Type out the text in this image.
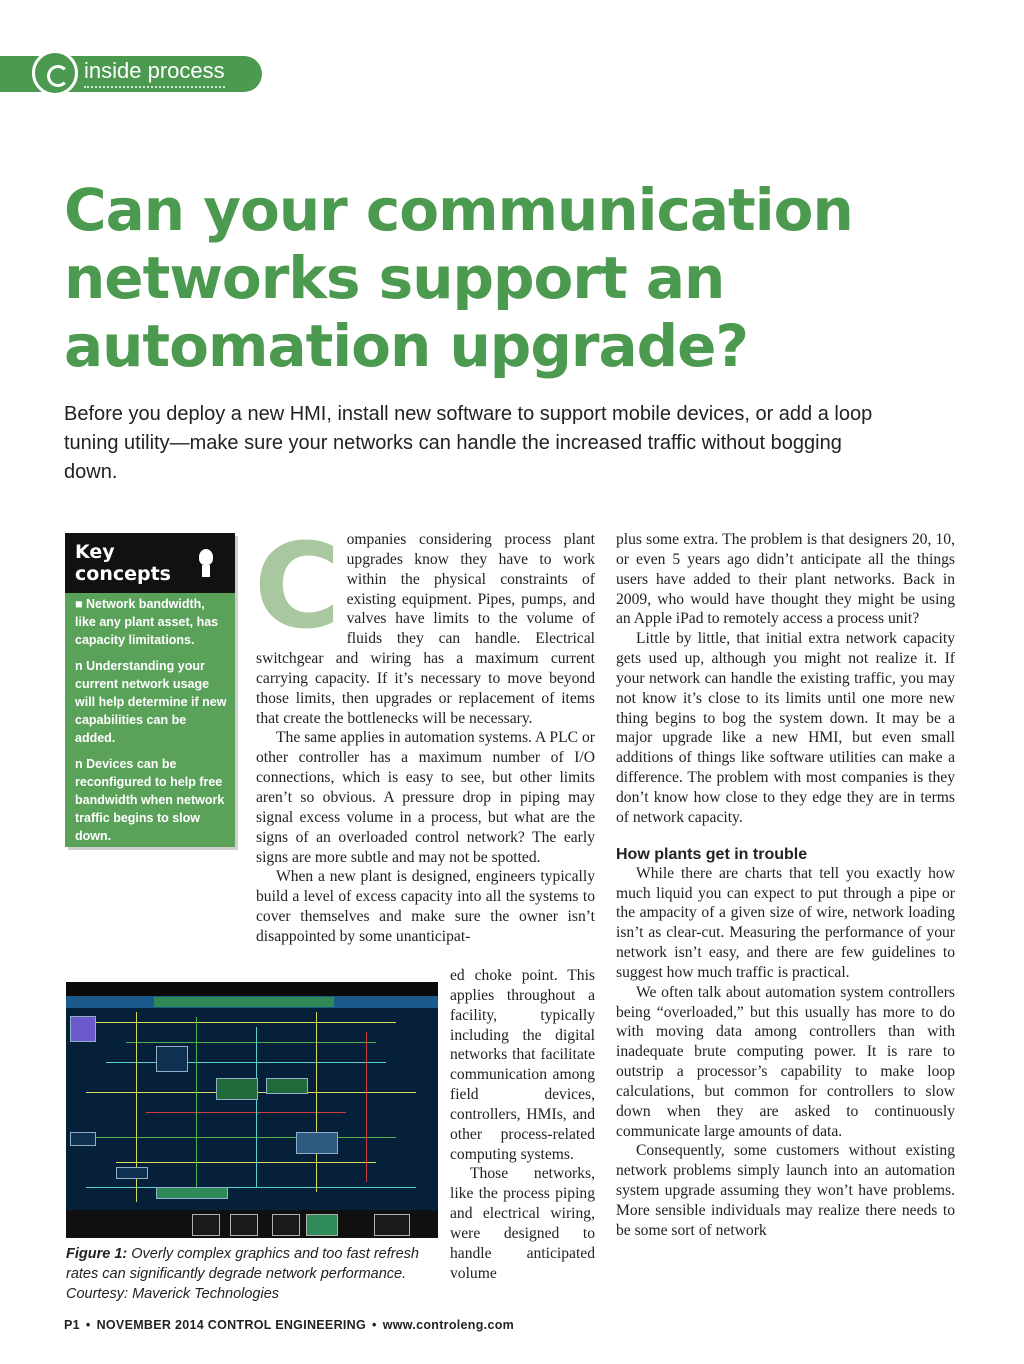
inside process
Can your communication networks support an automation upgrade?
Before you deploy a new HMI, install new software to support mobile devices, or add a loop tuning utility—make sure your networks can handle the increased traffic without bogging down.
Key concepts
■ Network bandwidth, like any plant asset, has capacity limitations.
n Understanding your current network usage will help determine if new capabilities can be added.
n Devices can be reconfigured to help free bandwidth when network traffic begins to slow down.

Companies considering process plant upgrades know they have to work within the physical constraints of existing equipment. Pipes, pumps, and valves have limits to the volume of fluids they can handle. Electrical switchgear and wiring has a maximum current carrying capacity. If it’s necessary to move beyond those limits, then upgrades or replacement of items that create the bottlenecks will be necessary.

The same applies in automation systems. A PLC or other controller has a maximum number of I/O connections, which is easy to see, but other limits aren’t so obvious. A pressure drop in piping may signal excess volume in a process, but what are the signs of an overloaded control network? The early signs are more subtle and may not be spotted.

When a new plant is designed, engineers typically build a level of excess capacity into all the systems to cover themselves and make sure the owner isn’t disappointed by some unanticipat-

ed choke point. This applies throughout a facility, typically including the digital networks that facilitate communication among field devices, controllers, HMIs, and other process-related computing systems.

Those networks, like the process piping and electrical wiring, were designed to handle anticipated volume

plus some extra. The problem is that designers 20, 10, or even 5 years ago didn’t anticipate all the things users have added to their plant networks. Back in 2009, who would have thought they might be using an Apple iPad to remotely access a process unit?

Little by little, that initial extra network capacity gets used up, although you might not realize it. If your network can handle the existing traffic, you may not know it’s close to its limits until one more new thing begins to bog the system down. It may be a major upgrade like a new HMI, but even small additions of things like software utilities can make a difference. The problem with most companies is they don’t know how close to they edge they are in terms of network capacity.

How plants get in trouble

While there are charts that tell you exactly how much liquid you can expect to put through a pipe or the ampacity of a given size of wire, network loading isn’t as clear-cut. Measuring the performance of your network isn’t easy, and there are few guidelines to suggest how much traffic is practical.

We often talk about automation system controllers being “overloaded,” but this usually has more to do with moving data among controllers than with inadequate brute computing power. It is rare to outstrip a processor’s capability to make loop calculations, but common for controllers to slow down when they are asked to continuously communicate large amounts of data.

Consequently, some customers without existing network problems simply launch into an automation system upgrade assuming they won’t have problems. More sensible individuals may realize there needs to be some sort of network

Figure 1: Overly complex graphics and too fast refresh rates can significantly degrade network performance. Courtesy: Maverick Technologies
P1 • NOVEMBER 2014 CONTROL ENGINEERING • www.controleng.com
